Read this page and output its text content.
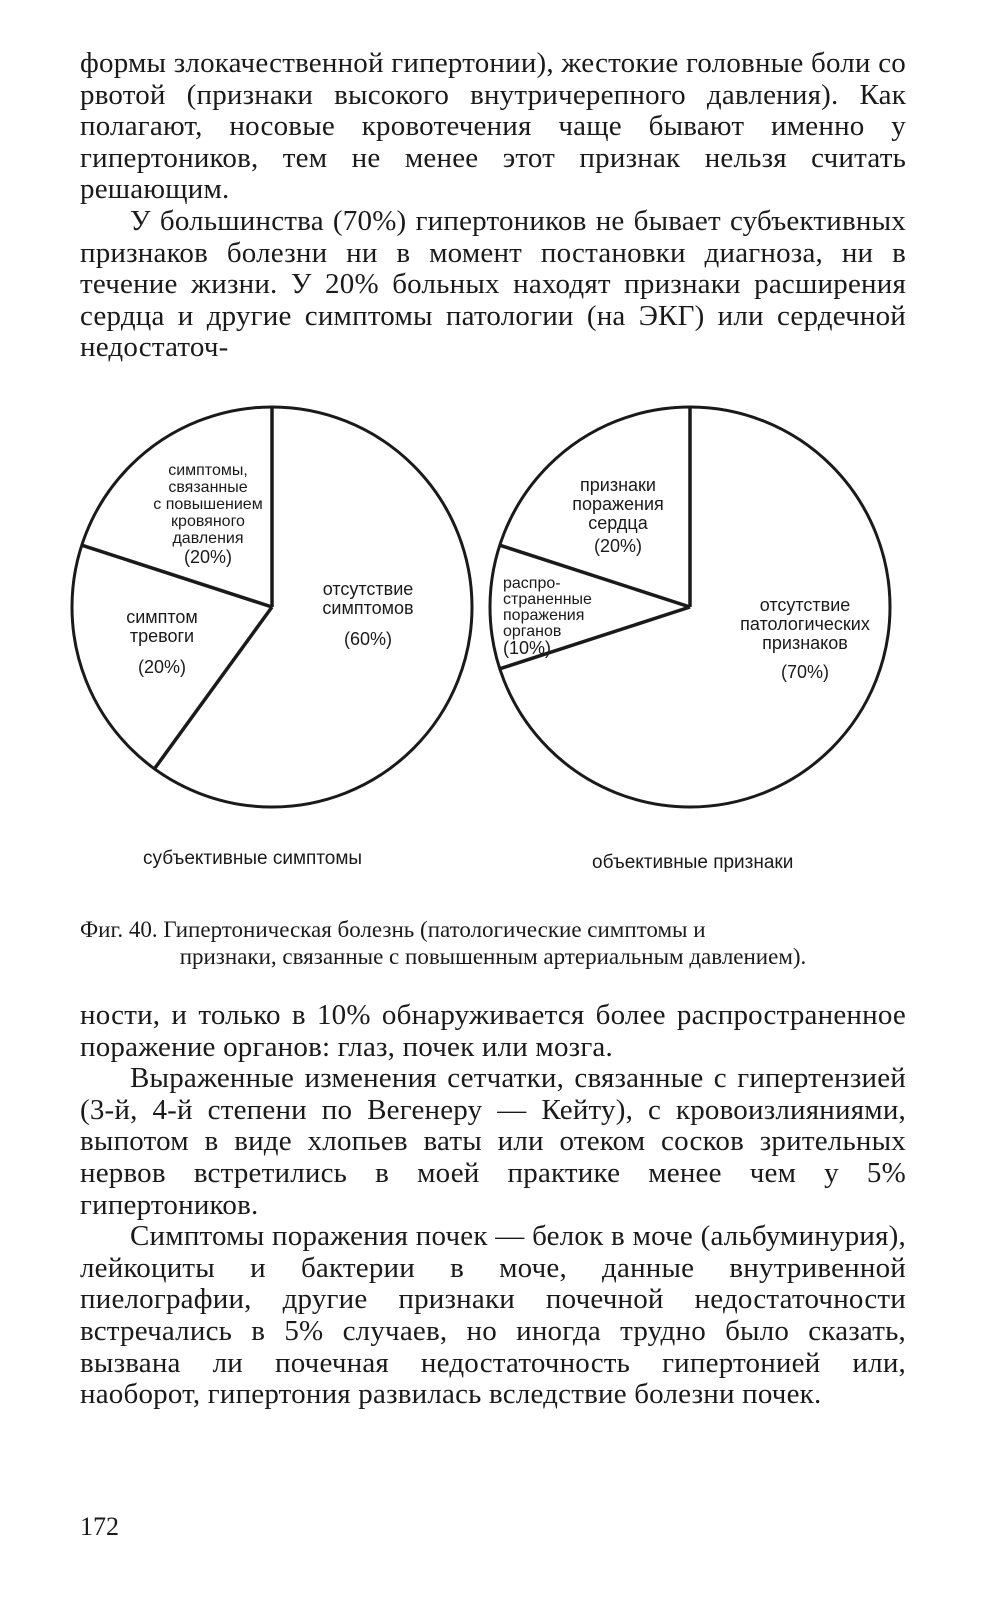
формы злокачественной гипертонии), жестокие головные боли со рвотой (признаки высокого внутричерепного давления). Как полагают, носовые кровотечения чаще бывают именно у гипертоников, тем не менее этот признак нельзя считать решающим.

У большинства (70%) гипертоников не бывает субъективных признаков болезни ни в момент постановки диагноза, ни в течение жизни. У 20% больных находят признаки расширения сердца и другие симптомы патологии (на ЭКГ) или сердечной недостаточ-

отсутствие
симптомов
(60%)
симптом
тревоги
(20%)
симптомы,
связанные
с повышением
кровяного
давления
(20%)
отсутствие
патологических
признаков
(70%)
распро-
страненные
поражения
органов
(10%)
признаки
поражения
сердца
(20%)
субъективные симптомы	объективные признаки
Фиг. 40. Гипертоническая болезнь (патологические симптомы и
признаки, связанные с повышенным артериальным давлением).

ности, и только в 10% обнаруживается более распространенное поражение органов: глаз, почек или мозга.

Выраженные изменения сетчатки, связанные с гипертензией (3-й, 4-й степени по Вегенеру — Кейту), с кровоизлияниями, выпотом в виде хлопьев ваты или отеком сосков зрительных нервов встретились в моей практике менее чем у 5% гипертоников.

Симптомы поражения почек — белок в моче (альбуминурия), лейкоциты и бактерии в моче, данные внутривенной пиелографии, другие признаки почечной недостаточности встречались в 5% случаев, но иногда трудно было сказать, вызвана ли почечная недостаточность гипертонией или, наоборот, гипертония развилась вследствие болезни почек.

172
